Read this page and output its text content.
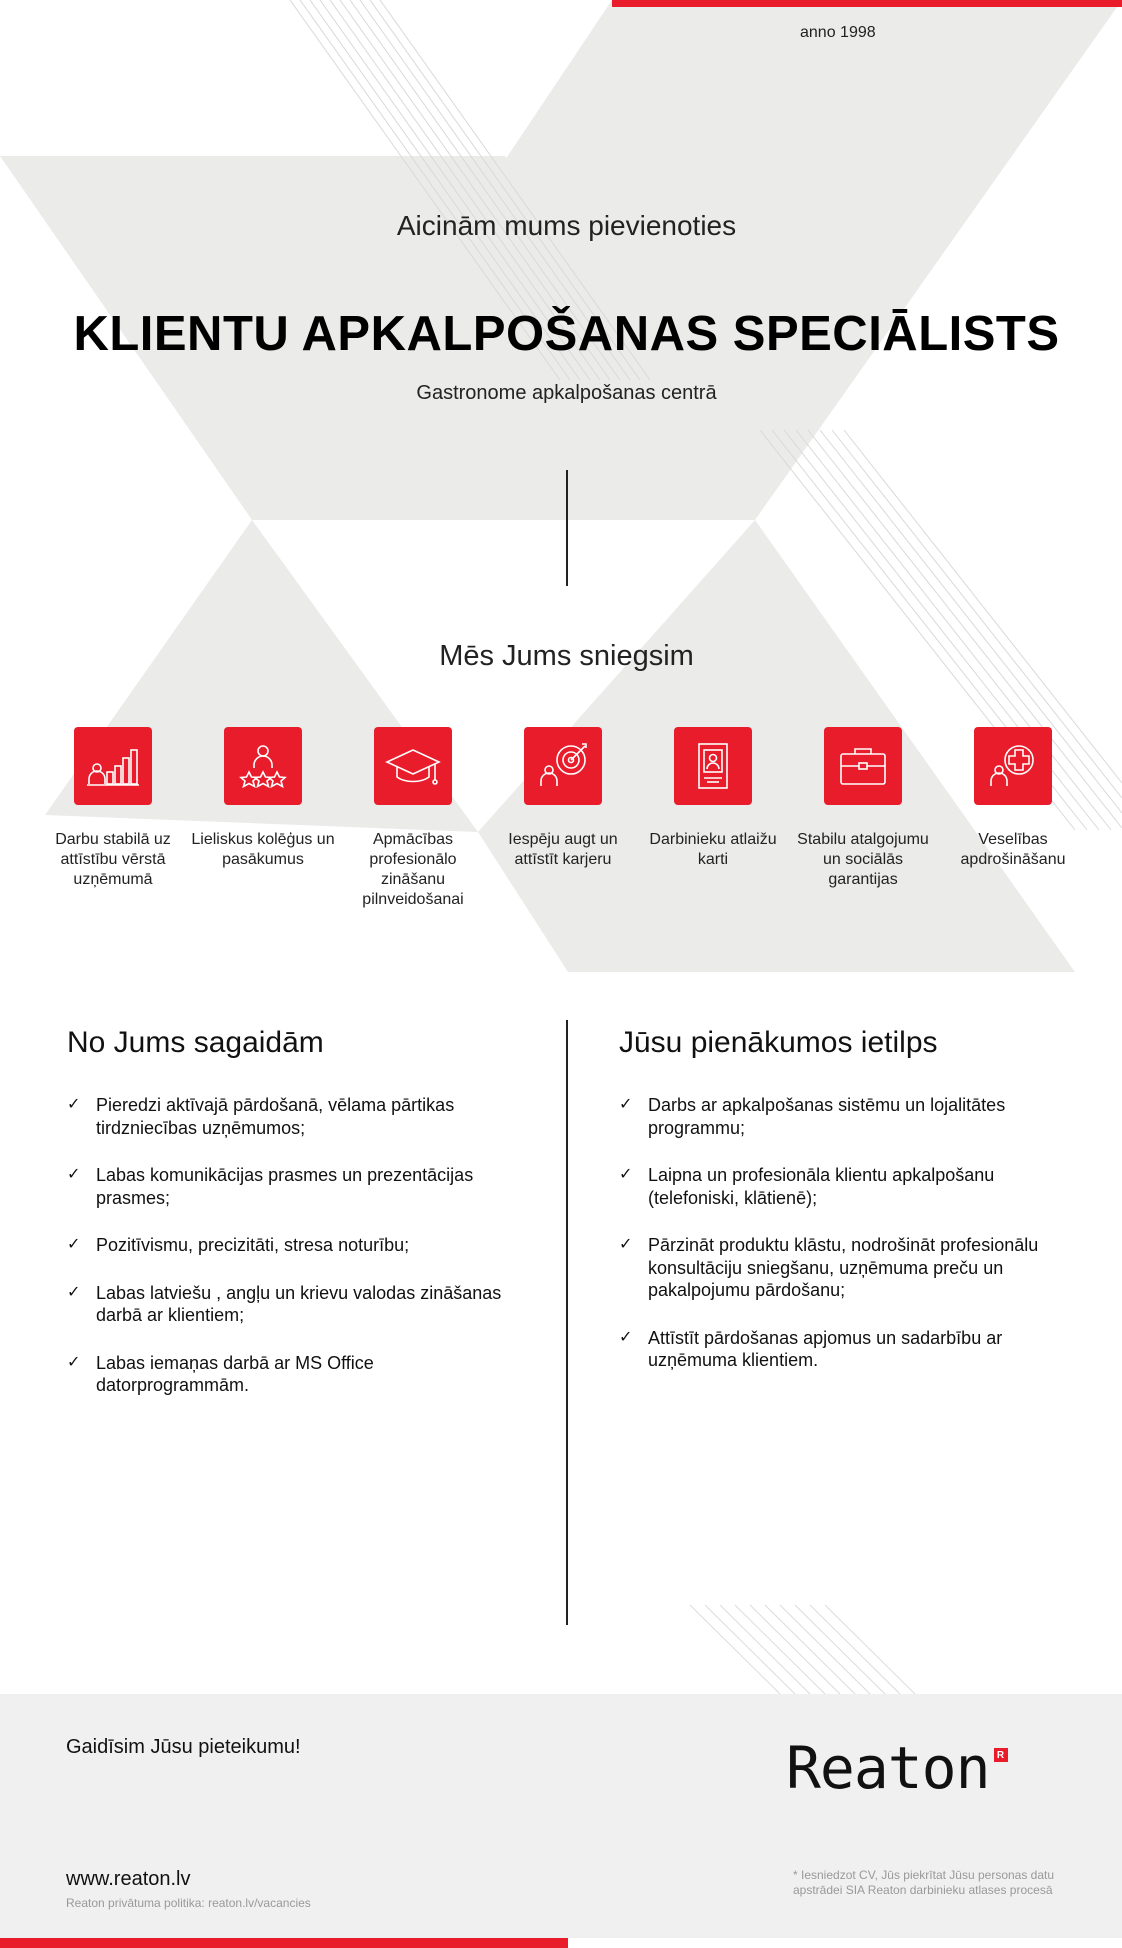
anno 1998
Aicinām mums pievienoties
KLIENTU APKALPOŠANAS SPECIĀLISTS
Gastronome apkalpošanas centrā
Mēs Jums sniegsim
Darbu stabilā uz attīstību vērstā uzņēmumā
Lieliskus kolēģus un pasākumus
Apmācības profesionālo zināšanu pilnveidošanai
Iespēju augt un attīstīt karjeru
Darbinieku atlaižu karti
Stabilu atalgojumu un sociālās garantijas
Veselības apdrošināšanu
No Jums sagaidām
✓ Pieredzi aktīvajā pārdošanā, vēlama pārtikas tirdzniecības uzņēmumos;
✓ Labas komunikācijas prasmes un prezentācijas prasmes;
✓ Pozitīvismu, precizitāti, stresa noturību;
✓ Labas latviešu , angļu un krievu valodas zināšanas darbā ar klientiem;
✓ Labas iemaņas darbā ar MS Office datorprogrammām.
Jūsu pienākumos ietilps
✓ Darbs ar apkalpošanas sistēmu un lojalitātes programmu;
✓ Laipna un profesionāla klientu apkalpošanu (telefoniski, klātienē);
✓ Pārzināt produktu klāstu, nodrošināt profesionālu konsultāciju sniegšanu, uzņēmuma preču un pakalpojumu pārdošanu;
✓ Attīstīt pārdošanas apjomus un sadarbību ar uzņēmuma klientiem.
Gaidīsim Jūsu pieteikumu!	Reaton R
www.reaton.lv
Reaton privātuma politika: reaton.lv/vacancies
* Iesniedzot CV, Jūs piekrītat Jūsu personas datu apstrādei SIA Reaton darbinieku atlases procesā
